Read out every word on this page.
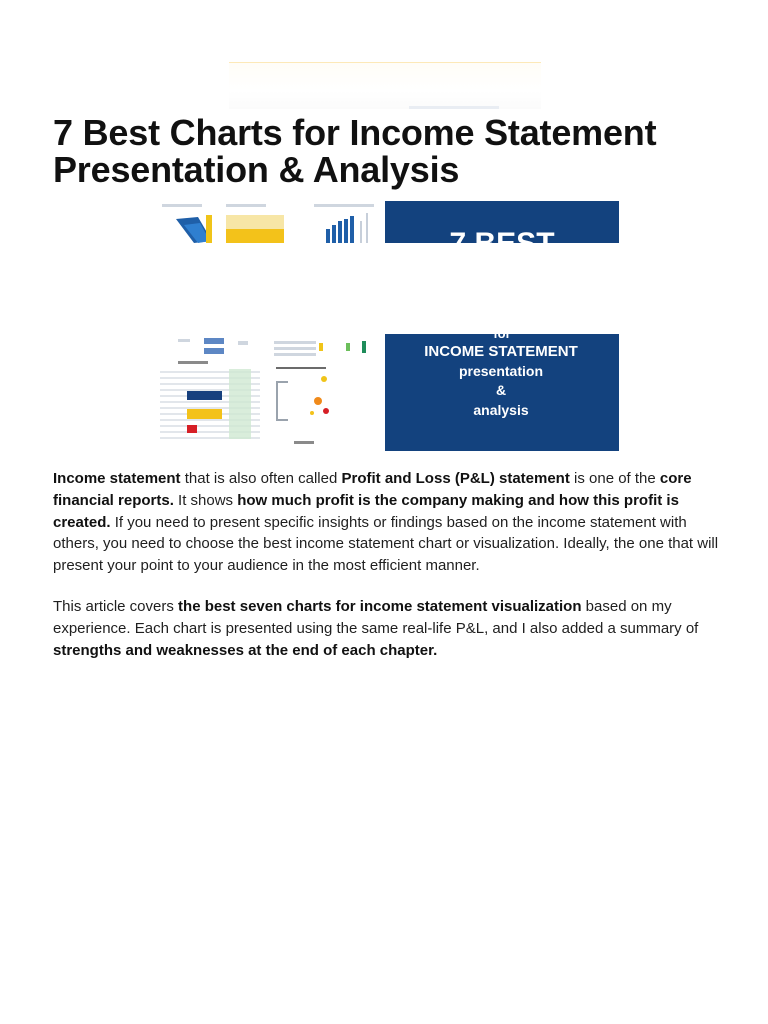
7 Best Charts for Income Statement Presentation & Analysis
INCOME STATEMENT
presentation
&
analysis

Income statement that is also often called Profit and Loss (P&L) statement is one of the core financial reports. It shows how much profit is the company making and how this profit is created. If you need to present specific insights or findings based on the income statement with others, you need to choose the best income statement chart or visualization. Ideally, the one that will present your point to your audience in the most efficient manner.

This article covers the best seven charts for income statement visualization based on my experience. Each chart is presented using the same real-life P&L, and I also added a summary of strengths and weaknesses at the end of each chapter.
